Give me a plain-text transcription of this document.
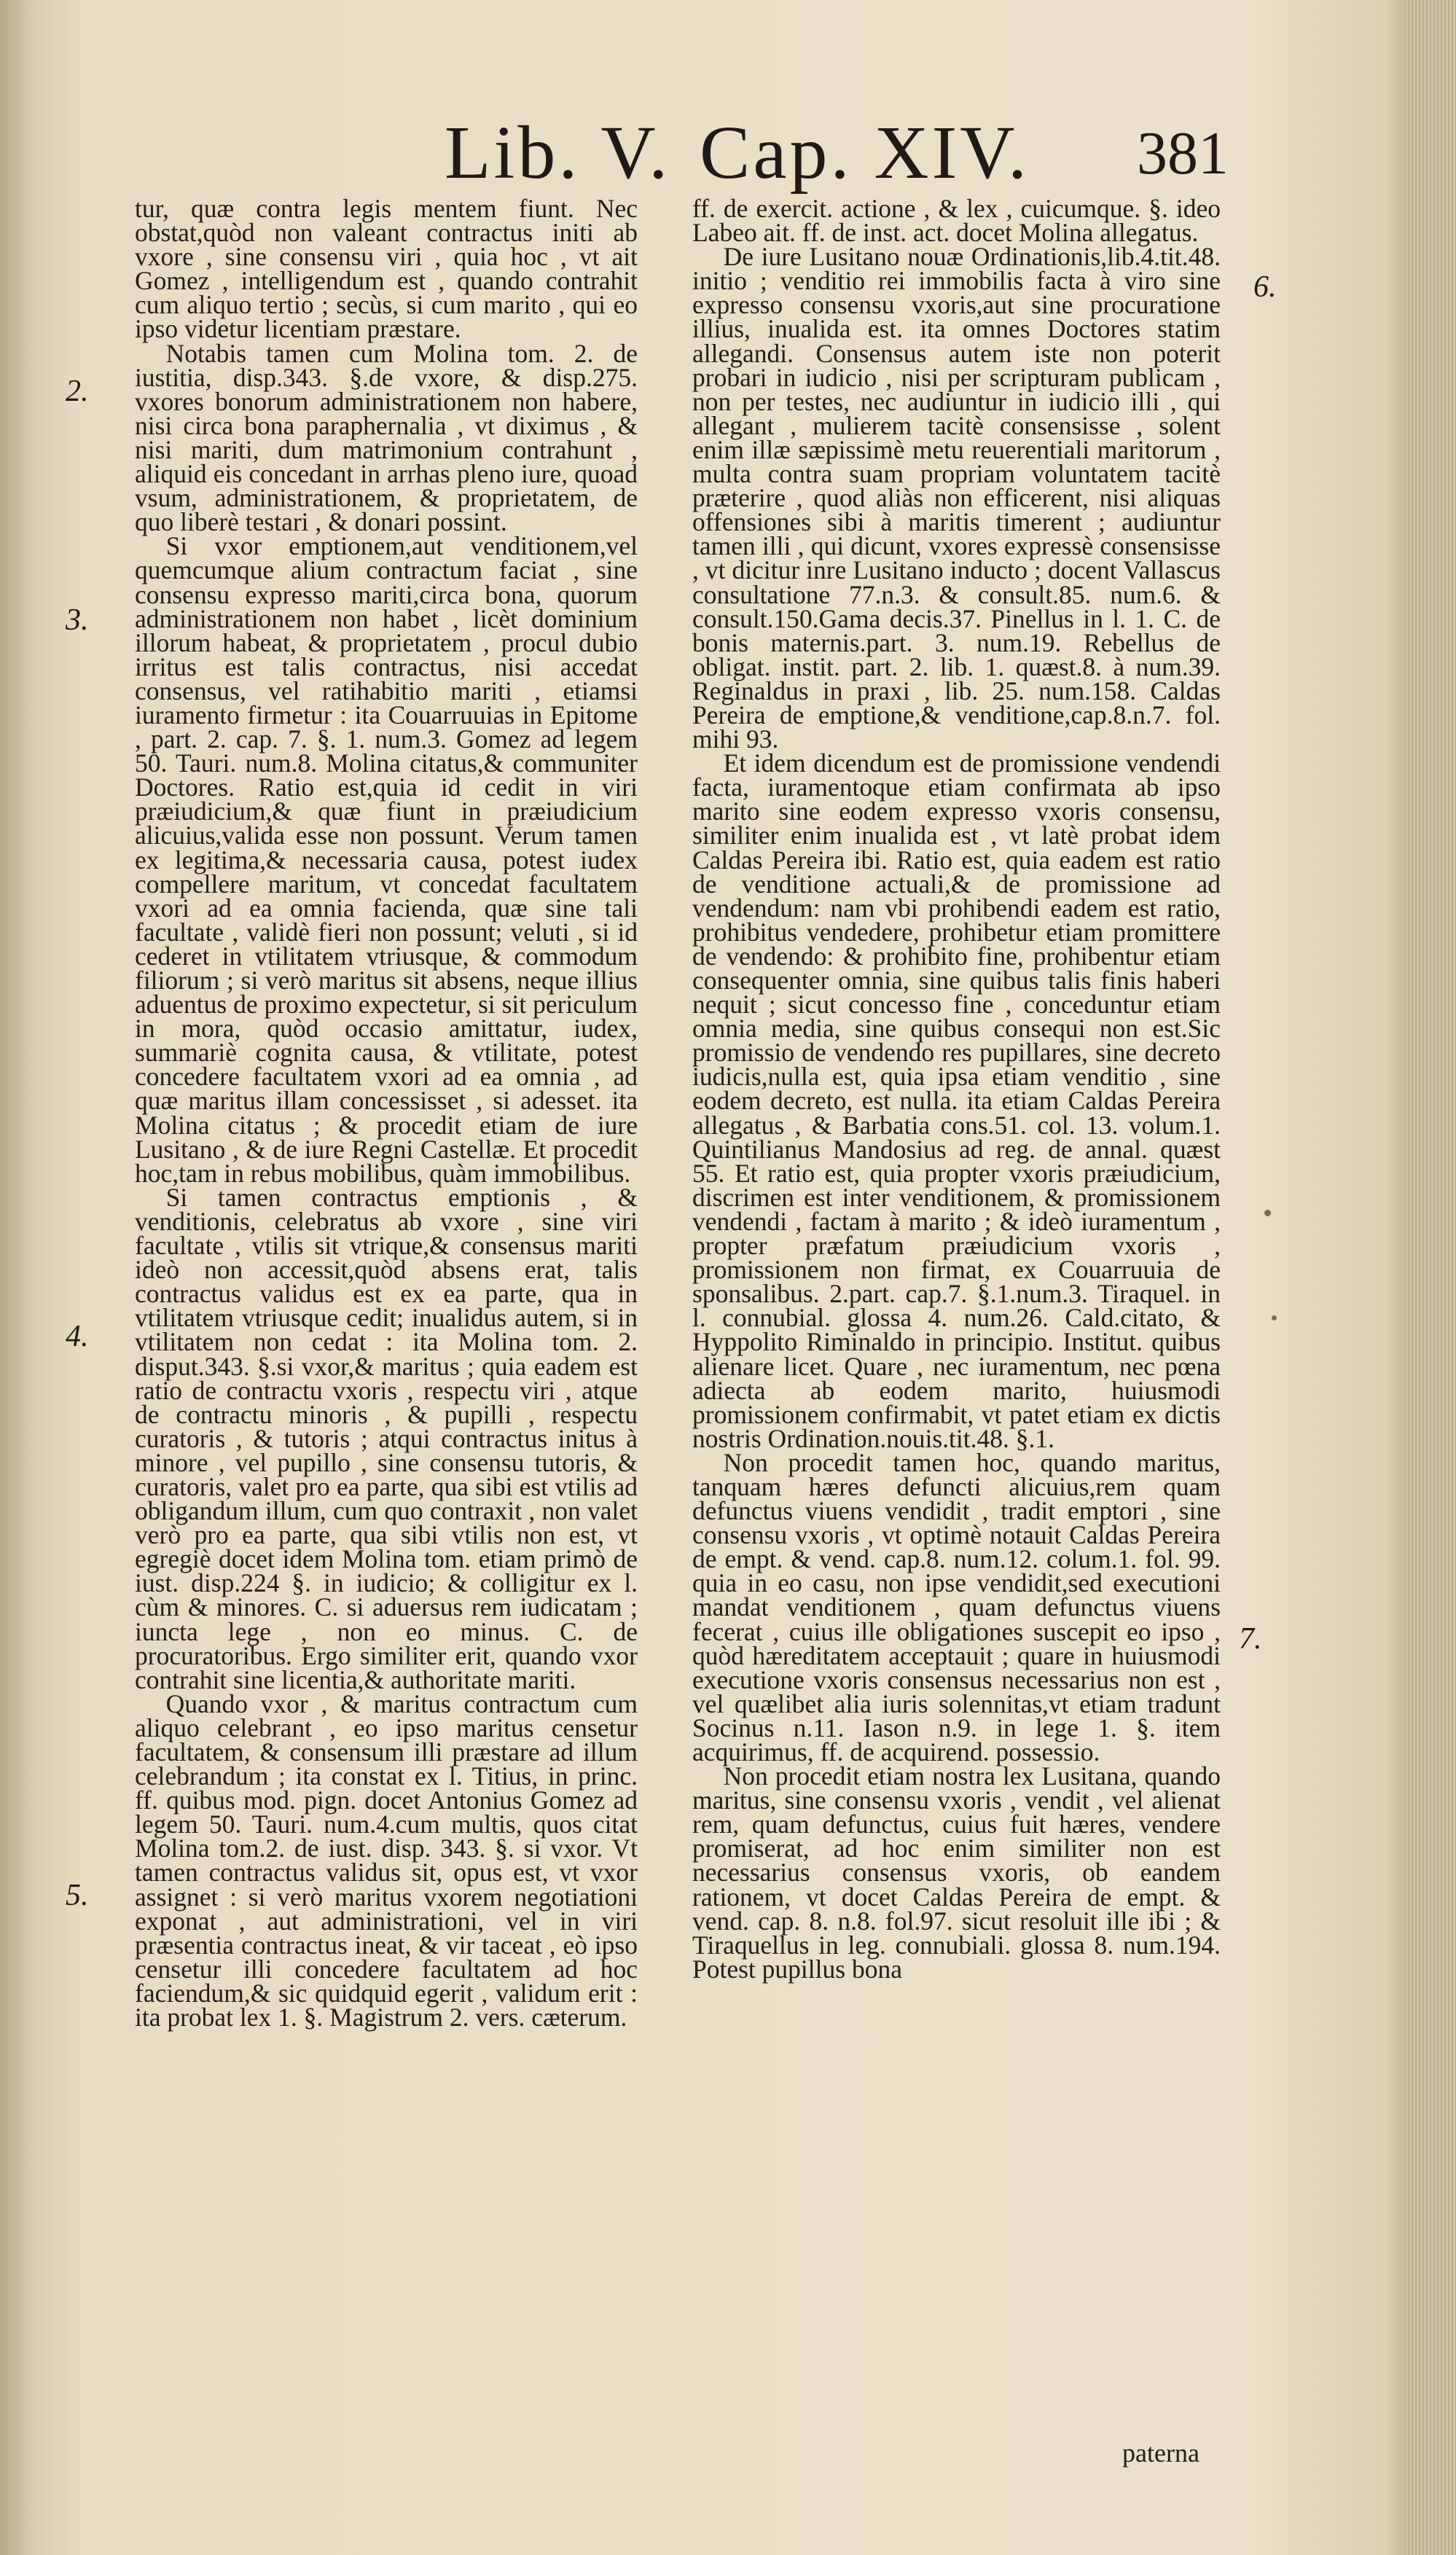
Lib. V. Cap. XIV. 381
2.
3.
4.
5.
6.
7.

tur, quæ contra legis mentem fiunt. Nec obstat,quòd non valeant contractus initi ab vxore , sine consensu viri , quia hoc , vt ait Gomez , intelligendum est , quando contrahit cum aliquo tertio ; secùs, si cum marito , qui eo ipso videtur licentiam præstare.

Notabis tamen cum Molina tom. 2. de iustitia, disp.343. §.de vxore, & disp.275. vxores bonorum administrationem non habere, nisi circa bona paraphernalia , vt diximus , & nisi mariti, dum matrimonium contrahunt , aliquid eis concedant in arrhas pleno iure, quoad vsum, administrationem, & proprietatem, de quo liberè testari , & donari possint.

Si vxor emptionem,aut venditionem,vel quemcumque alium contractum faciat , sine consensu expresso mariti,circa bona, quorum administrationem non habet , licèt dominium illorum habeat, & proprietatem , procul dubio irritus est talis contractus, nisi accedat consensus, vel ratihabitio mariti , etiamsi iuramento firmetur : ita Couarruuias in Epitome , part. 2. cap. 7. §. 1. num.3. Gomez ad legem 50. Tauri. num.8. Molina citatus,& communiter Doctores. Ratio est,quia id cedit in viri præiudicium,& quæ fiunt in præiudicium alicuius,valida esse non possunt. Verum tamen ex legitima,& necessaria causa, potest iudex compellere maritum, vt concedat facultatem vxori ad ea omnia facienda, quæ sine tali facultate , validè fieri non possunt; veluti , si id cederet in vtilitatem vtriusque, & commodum filiorum ; si verò maritus sit absens, neque illius aduentus de proximo expectetur, si sit periculum in mora, quòd occasio amittatur, iudex, summariè cognita causa, & vtilitate, potest concedere facultatem vxori ad ea omnia , ad quæ maritus illam concessisset , si adesset. ita Molina citatus ; & procedit etiam de iure Lusitano , & de iure Regni Castellæ. Et procedit hoc,tam in rebus mobilibus, quàm immobilibus.

Si tamen contractus emptionis , & venditionis, celebratus ab vxore , sine viri facultate , vtilis sit vtrique,& consensus mariti ideò non accessit,quòd absens erat, talis contractus validus est ex ea parte, qua in vtilitatem vtriusque cedit; inualidus autem, si in vtilitatem non cedat : ita Molina tom. 2. disput.343. §.si vxor,& maritus ; quia eadem est ratio de contractu vxoris , respectu viri , atque de contractu minoris , & pupilli , respectu curatoris , & tutoris ; atqui contractus initus à minore , vel pupillo , sine consensu tutoris, & curatoris, valet pro ea parte, qua sibi est vtilis ad obligandum illum, cum quo contraxit , non valet verò pro ea parte, qua sibi vtilis non est, vt egregiè docet idem Molina tom. etiam primò de iust. disp.224 §. in iudicio; & colligitur ex l. cùm & minores. C. si aduersus rem iudicatam ; iuncta lege , non eo minus. C. de procuratoribus. Ergo similiter erit, quando vxor contrahit sine licentia,& authoritate mariti.

Quando vxor , & maritus contractum cum aliquo celebrant , eo ipso maritus censetur facultatem, & consensum illi præstare ad illum celebrandum ; ita constat ex l. Titius, in princ. ff. quibus mod. pign. docet Antonius Gomez ad legem 50. Tauri. num.4.cum multis, quos citat Molina tom.2. de iust. disp. 343. §. si vxor. Vt tamen contractus validus sit, opus est, vt vxor assignet : si verò maritus vxorem negotiationi exponat , aut administrationi, vel in viri præsentia contractus ineat, & vir taceat , eò ipso censetur illi concedere facultatem ad hoc faciendum,& sic quidquid egerit , validum erit : ita probat lex 1. §. Magistrum 2. vers. cæterum.

ff. de exercit. actione , & lex , cuicumque. §. ideo Labeo ait. ff. de inst. act. docet Molina allegatus.

De iure Lusitano nouæ Ordinationis,lib.4.tit.48. initio ; venditio rei immobilis facta à viro sine expresso consensu vxoris,aut sine procuratione illius, inualida est. ita omnes Doctores statim allegandi. Consensus autem iste non poterit probari in iudicio , nisi per scripturam publicam , non per testes, nec audiuntur in iudicio illi , qui allegant , mulierem tacitè consensisse , solent enim illæ sæpissimè metu reuerentiali maritorum , multa contra suam propriam voluntatem tacitè præterire , quod aliàs non efficerent, nisi aliquas offensiones sibi à maritis timerent ; audiuntur tamen illi , qui dicunt, vxores expressè consensisse , vt dicitur inre Lusitano inducto ; docent Vallascus consultatione 77.n.3. & consult.85. num.6. & consult.150.Gama decis.37. Pinellus in l. 1. C. de bonis maternis.part. 3. num.19. Rebellus de obligat. instit. part. 2. lib. 1. quæst.8. à num.39. Reginaldus in praxi , lib. 25. num.158. Caldas Pereira de emptione,& venditione,cap.8.n.7. fol. mihi 93.

Et idem dicendum est de promissione vendendi facta, iuramentoque etiam confirmata ab ipso marito sine eodem expresso vxoris consensu, similiter enim inualida est , vt latè probat idem Caldas Pereira ibi. Ratio est, quia eadem est ratio de venditione actuali,& de promissione ad vendendum: nam vbi prohibendi eadem est ratio, prohibitus vendedere, prohibetur etiam promittere de vendendo: & prohibito fine, prohibentur etiam consequenter omnia, sine quibus talis finis haberi nequit ; sicut concesso fine , conceduntur etiam omnia media, sine quibus consequi non est.Sic promissio de vendendo res pupillares, sine decreto iudicis,nulla est, quia ipsa etiam venditio , sine eodem decreto, est nulla. ita etiam Caldas Pereira allegatus , & Barbatia cons.51. col. 13. volum.1. Quintilianus Mandosius ad reg. de annal. quæst 55. Et ratio est, quia propter vxoris præiudicium, discrimen est inter venditionem, & promissionem vendendi , factam à marito ; & ideò iuramentum , propter præfatum præiudicium vxoris , promissionem non firmat, ex Couarruuia de sponsalibus. 2.part. cap.7. §.1.num.3. Tiraquel. in l. connubial. glossa 4. num.26. Cald.citato, & Hyppolito Riminaldo in principio. Institut. quibus alienare licet. Quare , nec iuramentum, nec pœna adiecta ab eodem marito, huiusmodi promissionem confirmabit, vt patet etiam ex dictis nostris Ordination.nouis.tit.48. §.1.

Non procedit tamen hoc, quando maritus, tanquam hæres defuncti alicuius,rem quam defunctus viuens vendidit , tradit emptori , sine consensu vxoris , vt optimè notauit Caldas Pereira de empt. & vend. cap.8. num.12. colum.1. fol. 99. quia in eo casu, non ipse vendidit,sed executioni mandat venditionem , quam defunctus viuens fecerat , cuius ille obligationes suscepit eo ipso , quòd hæreditatem acceptauit ; quare in huiusmodi executione vxoris consensus necessarius non est , vel quælibet alia iuris solennitas,vt etiam tradunt Socinus n.11. Iason n.9. in lege 1. §. item acquirimus, ff. de acquirend. possessio.

Non procedit etiam nostra lex Lusitana, quando maritus, sine consensu vxoris , vendit , vel alienat rem, quam defunctus, cuius fuit hæres, vendere promiserat, ad hoc enim similiter non est necessarius consensus vxoris, ob eandem rationem, vt docet Caldas Pereira de empt. & vend. cap. 8. n.8. fol.97. sicut resoluit ille ibi ; & Tiraquellus in leg. connubiali. glossa 8. num.194. Potest pupillus bona

paterna
